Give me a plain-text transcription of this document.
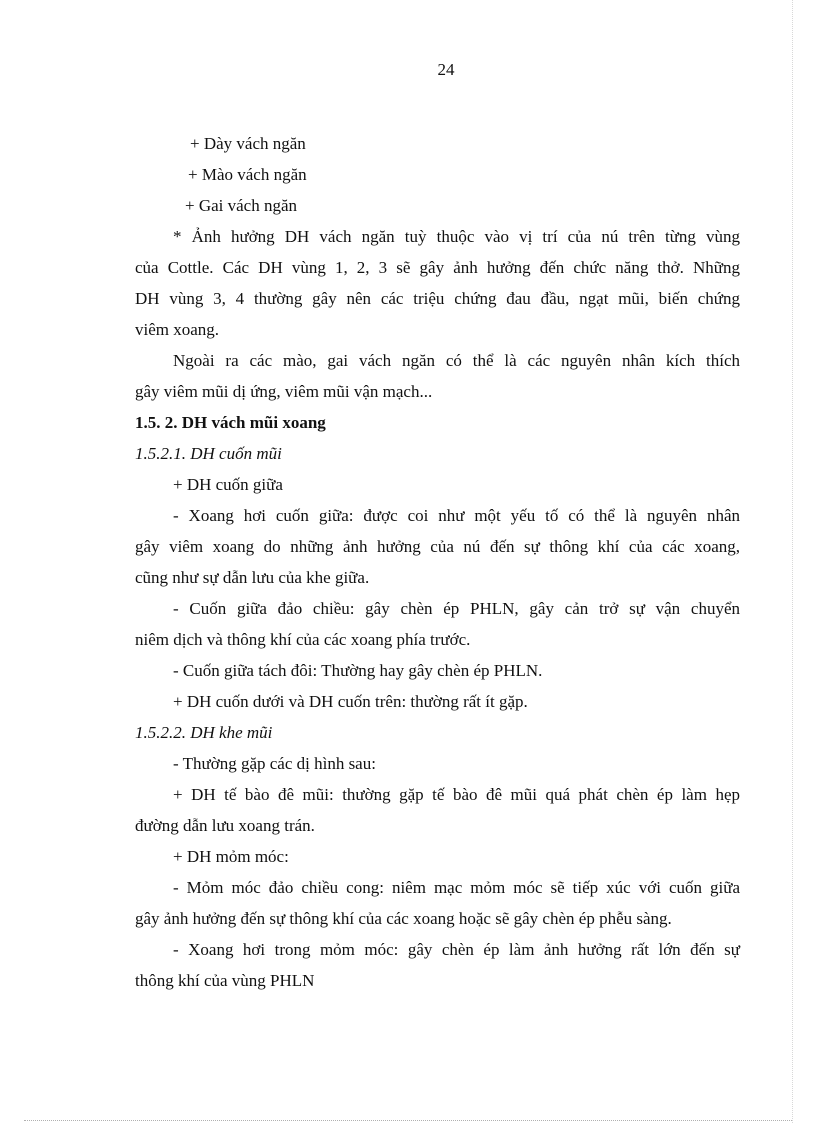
24
+ Dày vách ngăn
+ Mào vách ngăn
+ Gai vách ngăn
* Ảnh hưởng DH vách ngăn tuỳ thuộc vào vị trí của nú trên từng vùng
của Cottle. Các DH vùng 1, 2, 3 sẽ gây ảnh hưởng đến chức năng thở. Những
DH vùng 3, 4 thường gây nên các triệu chứng đau đầu, ngạt mũi, biến chứng
viêm xoang.
Ngoài ra các mào, gai vách ngăn có thể là các nguyên nhân kích thích
gây viêm mũi dị ứng, viêm mũi vận mạch...
1.5. 2. DH vách mũi xoang
1.5.2.1. DH cuốn mũi
+ DH cuốn giữa
- Xoang hơi cuốn giữa: được coi như một yếu tố có thể là nguyên nhân
gây viêm xoang do những ảnh hưởng của nú đến sự thông khí của các xoang,
cũng như sự dẫn lưu của khe giữa.
- Cuốn giữa đảo chiều: gây chèn ép PHLN, gây cản trở sự vận chuyển
niêm dịch và thông khí của các xoang phía trước.
- Cuốn giữa tách đôi: Thường hay gây chèn ép PHLN.
+ DH cuốn dưới và DH cuốn trên: thường rất ít gặp.
1.5.2.2. DH khe mũi
- Thường gặp các dị hình sau:
+ DH tế bào đê mũi: thường gặp tế bào đê mũi quá phát chèn ép làm hẹp
đường dẫn lưu xoang trán.
+ DH mỏm móc:
- Mỏm móc đảo chiều cong: niêm mạc mỏm móc sẽ tiếp xúc với cuốn giữa
gây ảnh hưởng đến sự thông khí của các xoang hoặc sẽ gây chèn ép phễu sàng.
- Xoang hơi trong mỏm móc: gây chèn ép làm ảnh hưởng rất lớn đến sự
thông khí của vùng PHLN
